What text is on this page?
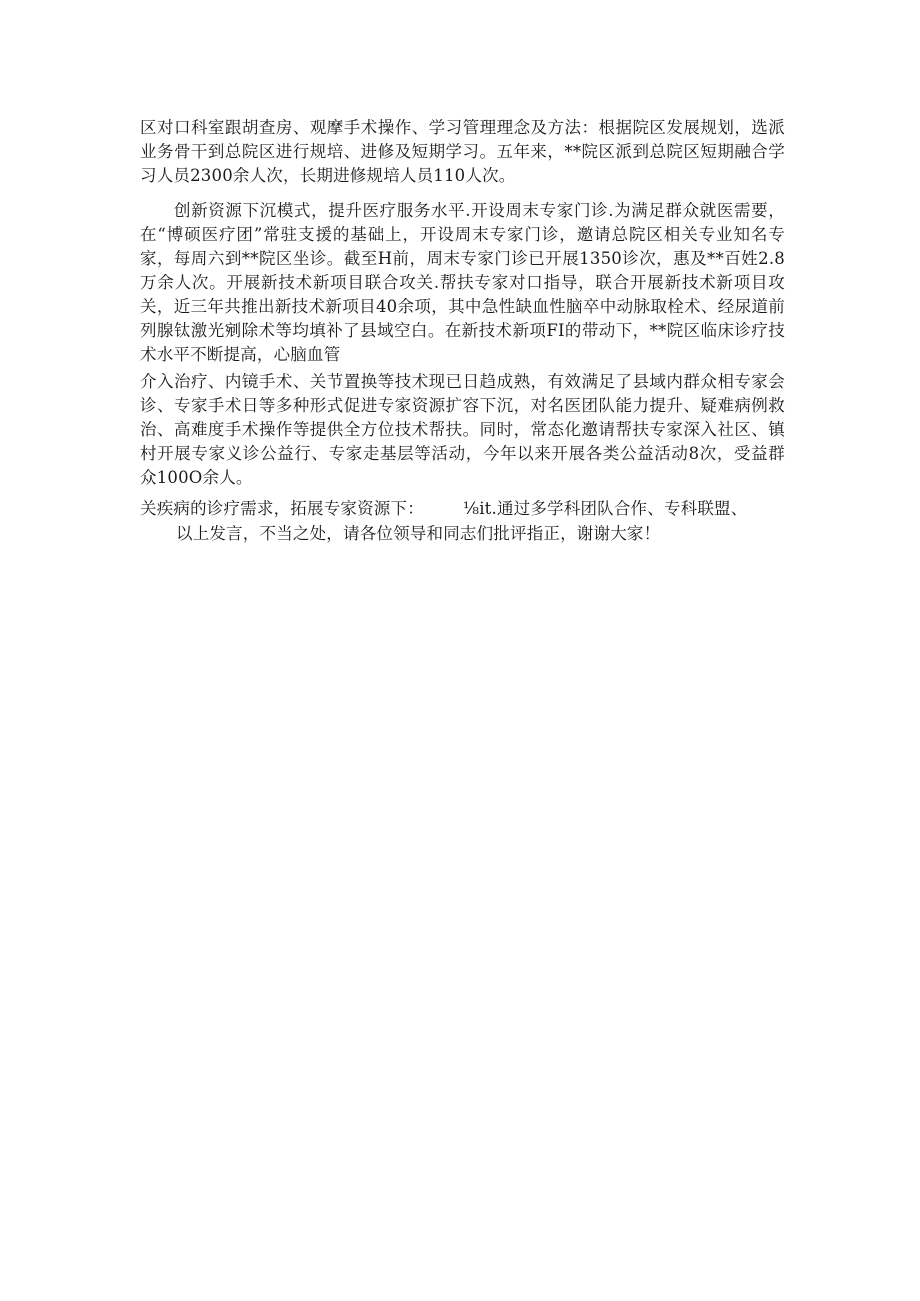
区对口科室跟胡查房、观摩手术操作、学习管理理念及方法：根据院区发展规划，选派业务骨干到总院区进行规培、进修及短期学习。五年来，**院区派到总院区短期融合学习人员2300余人次，长期进修规培人员110人次。

创新资源下沉模式，提升医疗服务水平.开设周末专家门诊.为满足群众就医需要，在“博硕医疗团”常驻支援的基础上，开设周末专家门诊，邀请总院区相关专业知名专家，每周六到**院区坐诊。截至H前，周末专家门诊已开展1350诊次，惠及**百姓2.8万余人次。开展新技术新项目联合攻关.帮扶专家对口指导，联合开展新技术新项目攻关，近三年共推出新技术新项目40余项，其中急性缺血性脑卒中动脉取栓术、经尿道前列腺钛激光剜除术等均填补了县域空白。在新技术新项FI的带动下，**院区临床诊疗技术水平不断提高，心脑血管

介入治疗、内镜手术、关节置换等技术现已日趋成熟，有效满足了县域内群众相专家会诊、专家手术日等多种形式促进专家资源扩容下沉，对名医团队能力提升、疑难病例救治、高难度手术操作等提供全方位技术帮扶。同时，常态化邀请帮扶专家深入社区、镇村开展专家义诊公益行、专家走基层等活动，今年以来开展各类公益活动8次，受益群众100O余人。

关疾病的诊疗需求，拓展专家资源下： ⅛it.通过多学科团队合作、专科联盟、

以上发言，不当之处，请各位领导和同志们批评指正，谢谢大家！
